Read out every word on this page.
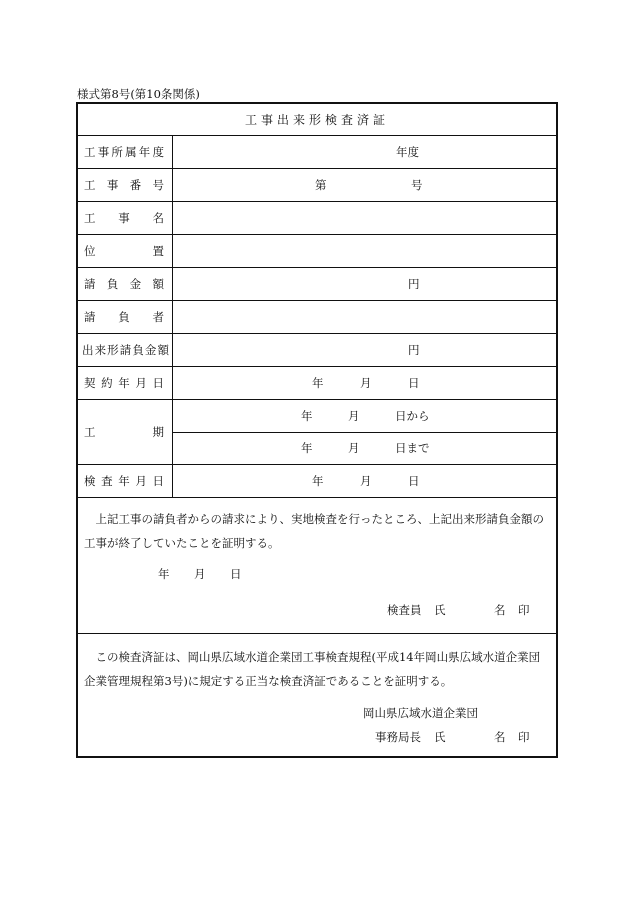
様式第8号(第10条関係)
工事出来形検査済証
工 事 所 属 年 度	年度
工 事 番 号	第	号
工 事 名
位	置
請 負 金 額	円
請 負 者
出 来 形 請 負 金 額	円
契 約 年 月 日	年	月	日
工	期
年	月	日から
年	月	日まで
検 査 年 月 日	年	月	日
上記工事の請負者からの請求により、実地検査を行ったところ、上記出来形請負金額の工事が終了していたことを証明する。
年 月 日
検査員 氏	名 印
この検査済証は、岡山県広域水道企業団工事検査規程(平成14年岡山県広域水道企業団企業管理規程第3号)に規定する正当な検査済証であることを証明する。
岡山県広域水道企業団
事務局長 氏	名 印
